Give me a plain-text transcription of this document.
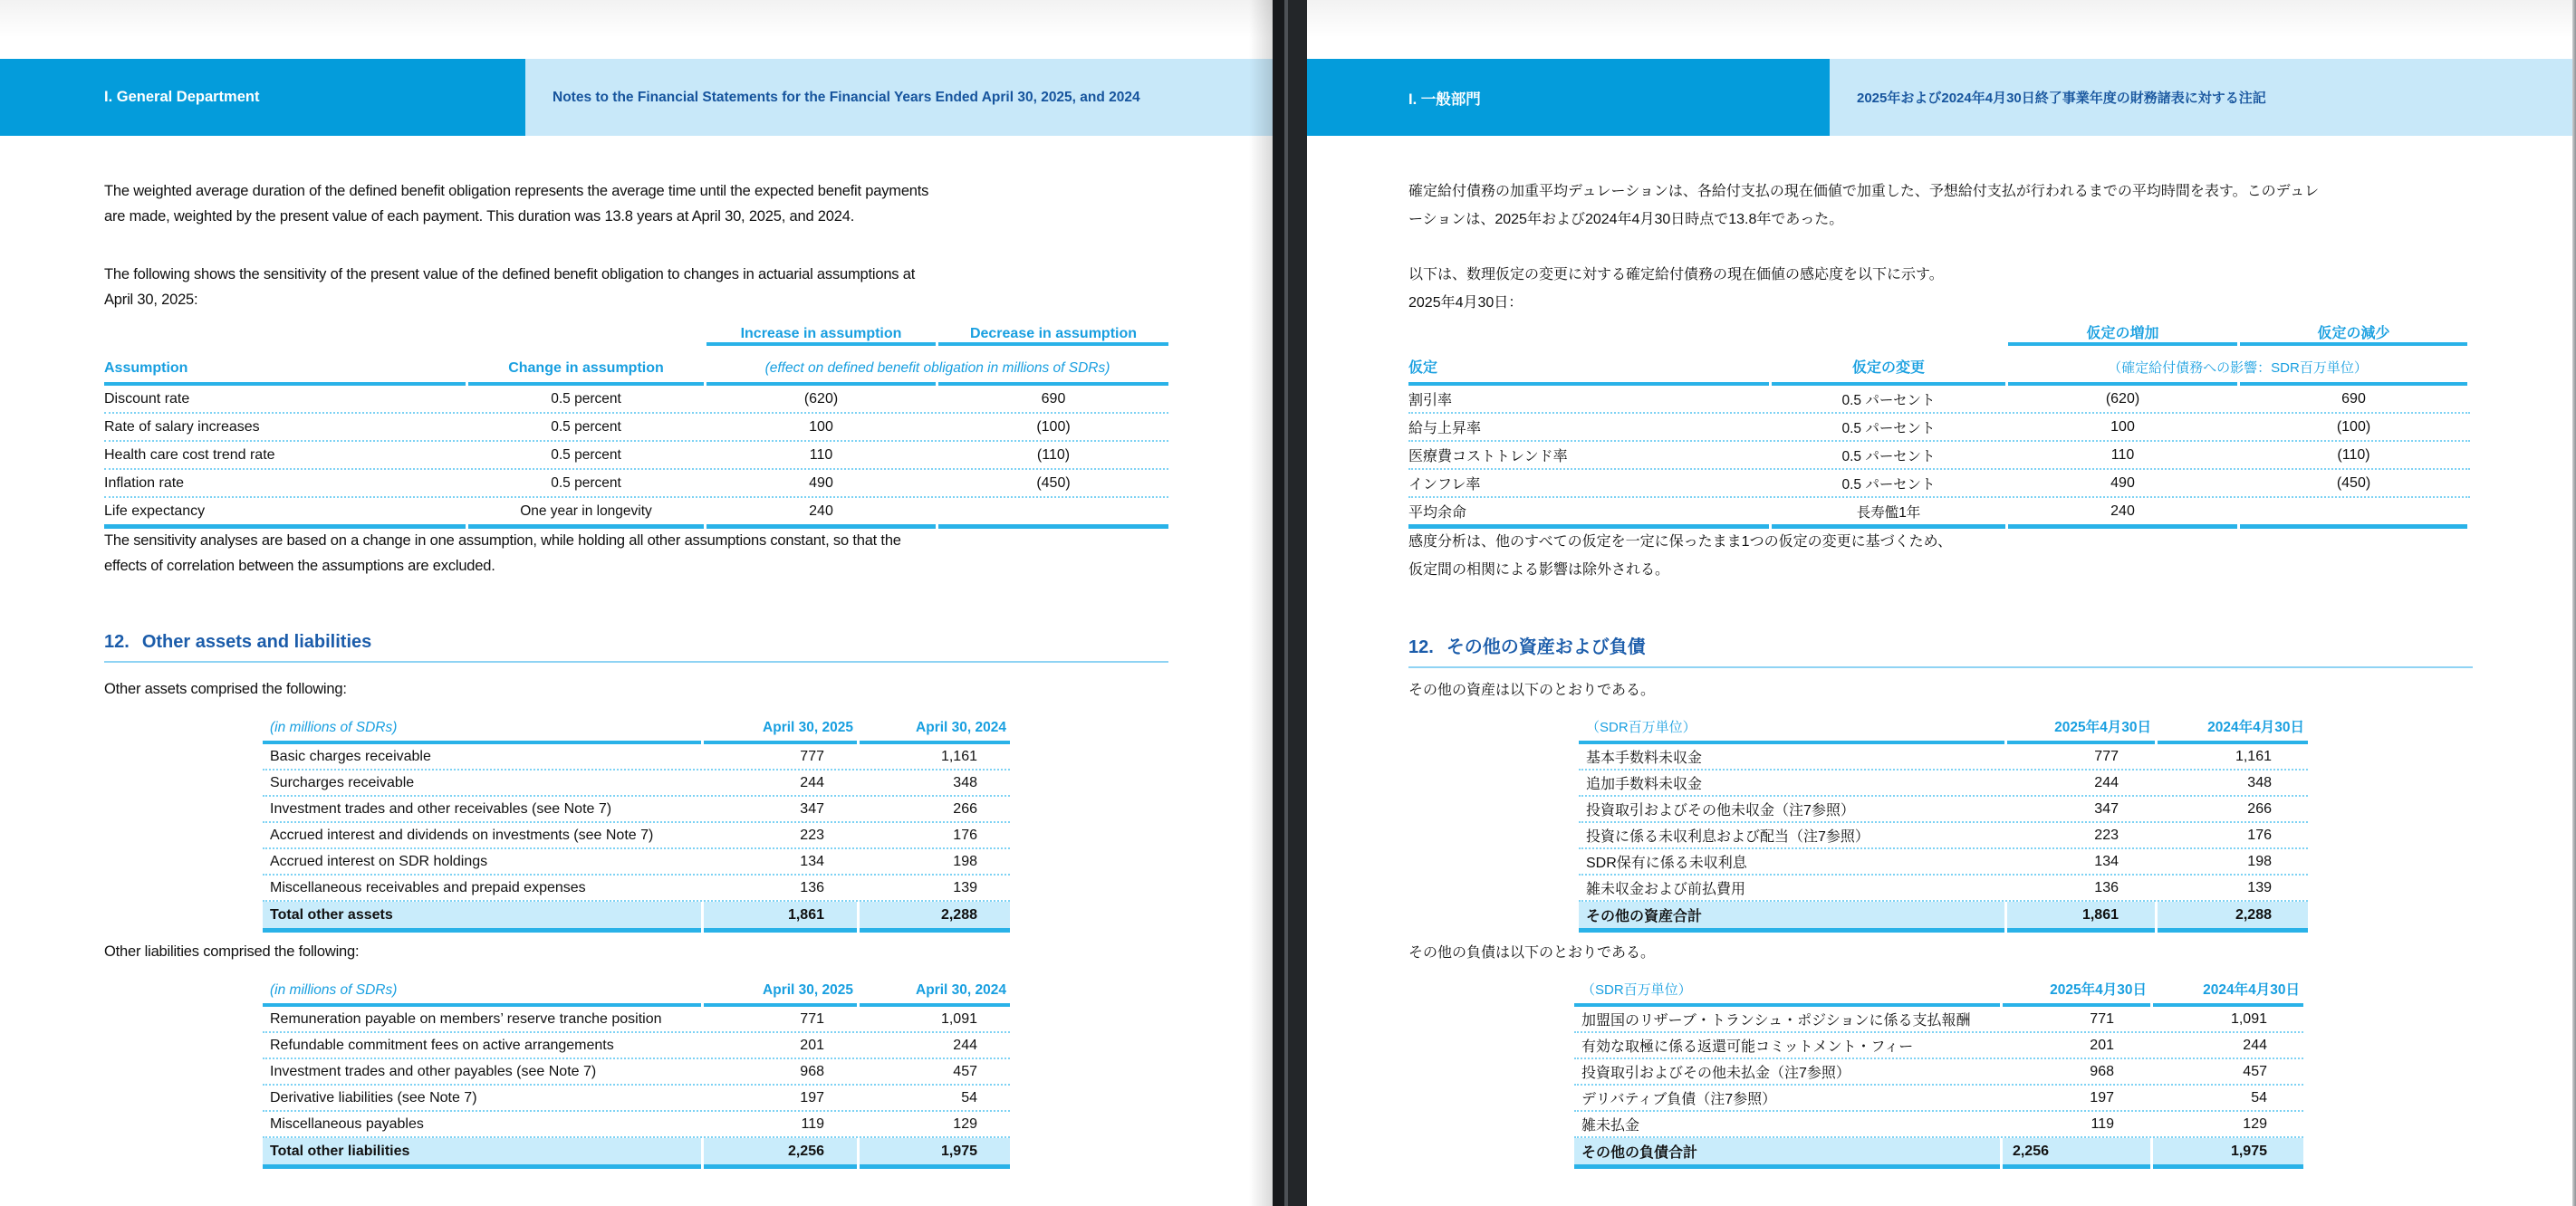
I. General Department	Notes to the Financial Statements for the Financial Years Ended April 30, 2025, and 2024
The weighted average duration of the defined benefit obligation represents the average time until the expected benefit payments
are made, weighted by the present value of each payment. This duration was 13.8 years at April 30, 2025, and 2024.
The following shows the sensitivity of the present value of the defined benefit obligation to changes in actuarial assumptions at
April 30, 2025:
Increase in assumption	Decrease in assumption
Assumption	Change in assumption	(effect on defined benefit obligation in millions of SDRs)
Discount rate	0.5 percent	(620)	690
Rate of salary increases	0.5 percent	100	(100)
Health care cost trend rate	0.5 percent	110	(110)
Inflation rate	0.5 percent	490	(450)
Life expectancy	One year in longevity	240
The sensitivity analyses are based on a change in one assumption, while holding all other assumptions constant, so that the
effects of correlation between the assumptions are excluded.
12. Other assets and liabilities
Other assets comprised the following:
(in millions of SDRs)	April 30, 2025	April 30, 2024
Basic charges receivable	777	1,161
Surcharges receivable	244	348
Investment trades and other receivables (see Note 7)	347	266
Accrued interest and dividends on investments (see Note 7)	223	176
Accrued interest on SDR holdings	134	198
Miscellaneous receivables and prepaid expenses	136	139
Total other assets	1,861	2,288
Other liabilities comprised the following:
(in millions of SDRs)	April 30, 2025	April 30, 2024
Remuneration payable on members’ reserve tranche position	771	1,091
Refundable commitment fees on active arrangements	201	244
Investment trades and other payables (see Note 7)	968	457
Derivative liabilities (see Note 7)	197	54
Miscellaneous payables	119	129
Total other liabilities	2,256	1,975
I. 一般部門	2025年および2024年4月30日終了事業年度の財務諸表に対する注記
確定給付債務の加重平均デュレーションは、各給付支払の現在価値で加重した、予想給付支払が行われるまでの平均時間を表す。このデュレ
ーションは、2025年および2024年4月30日時点で13.8年であった。
以下は、数理仮定の変更に対する確定給付債務の現在価値の感応度を以下に示す。
2025年4月30日：
仮定の増加	仮定の減少
仮定	仮定の変更	（確定給付債務への影響：SDR百万単位）
割引率	0.5 パーセント	(620)	690
給与上昇率	0.5 パーセント	100	(100)
医療費コストトレンド率	0.5 パーセント	110	(110)
インフレ率	0.5 パーセント	490	(450)
平均余命	長寿儖1年	240
感度分析は、他のすべての仮定を一定に保ったまま1つの仮定の変更に基づくため、
仮定間の相関による影響は除外される。
12. その他の資産および負債
その他の資産は以下のとおりである。
（SDR百万単位）	2025年4月30日	2024年4月30日
基本手数料未収金	777	1,161
追加手数料未収金	244	348
投資取引およびその他未収金（注7参照）	347	266
投資に係る未収利息および配当（注7参照）	223	176
SDR保有に係る未収利息	134	198
雑未収金および前払費用	136	139
その他の資産合計	1,861	2,288
その他の負債は以下のとおりである。
（SDR百万単位）	2025年4月30日	2024年4月30日
加盟国のリザーブ・トランシュ・ポジションに係る支払報酬	771	1,091
有効な取極に係る返還可能コミットメント・フィー	201	244
投資取引およびその他未払金（注7参照）	968	457
デリバティブ負債（注7参照）	197	54
雑未払金	119	129
その他の負債合計	2,256	1,975
